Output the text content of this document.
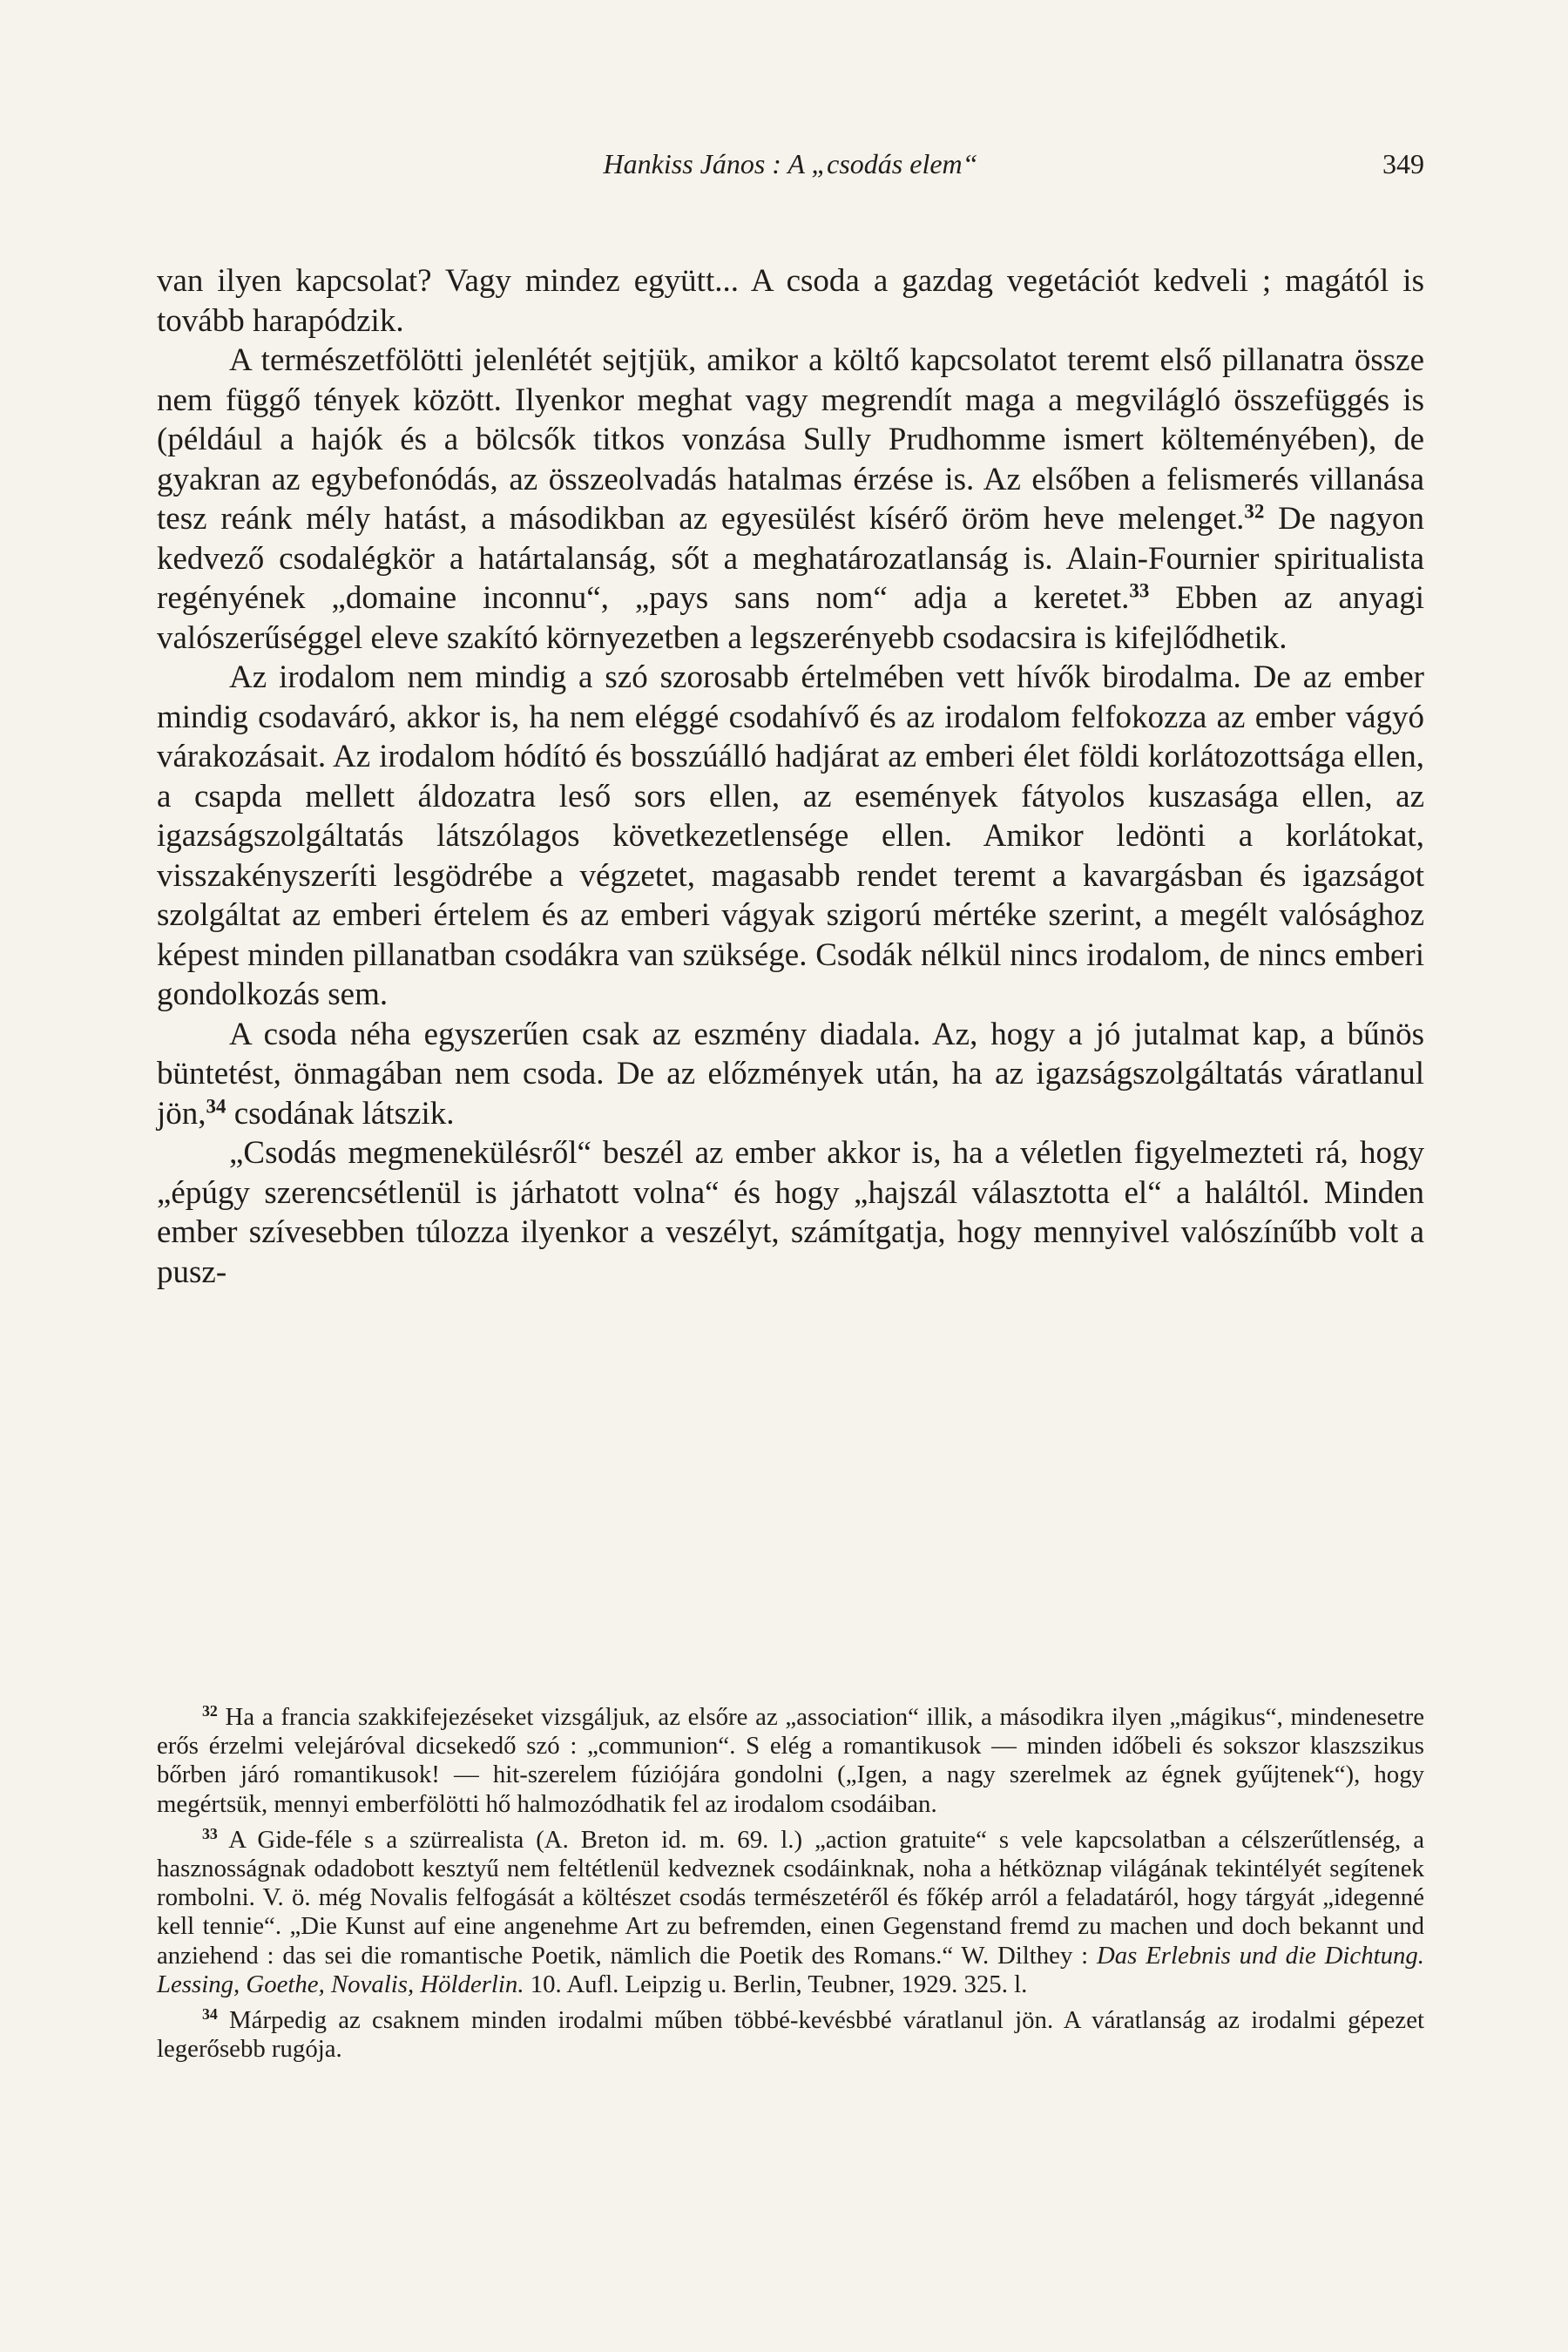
Hankiss János : A „csodás elem“	349

van ilyen kapcsolat? Vagy mindez együtt... A csoda a gazdag vegetációt kedveli ; magától is tovább harapódzik.

A természetfölötti jelenlétét sejtjük, amikor a költő kapcsolatot teremt első pillanatra össze nem függő tények között. Ilyenkor meghat vagy megrendít maga a megvilágló összefüggés is (például a hajók és a bölcsők titkos vonzása Sully Prudhomme ismert költeményében), de gyakran az egybefonódás, az összeolvadás hatalmas érzése is. Az elsőben a felismerés villanása tesz reánk mély hatást, a másodikban az egyesülést kísérő öröm heve melenget.$^{32}$ De nagyon kedvező csodalégkör a határtalanság, sőt a meghatározatlanság is. Alain-Fournier spiritualista regényének „domaine inconnu“, „pays sans nom“ adja a keretet.$^{33}$ Ebben az anyagi valószerűséggel eleve szakító környezetben a legszerényebb csodacsira is kifejlődhetik.

Az irodalom nem mindig a szó szorosabb értelmében vett hívők birodalma. De az ember mindig csodaváró, akkor is, ha nem eléggé csodahívő és az irodalom felfokozza az ember vágyó várakozásait. Az irodalom hódító és bosszúálló hadjárat az emberi élet földi korlátozottsága ellen, a csapda mellett áldozatra leső sors ellen, az események fátyolos kuszasága ellen, az igazságszolgáltatás látszólagos következetlensége ellen. Amikor ledönti a korlátokat, visszakényszeríti lesgödrébe a végzetet, magasabb rendet teremt a kavargásban és igazságot szolgáltat az emberi értelem és az emberi vágyak szigorú mértéke szerint, a megélt valósághoz képest minden pillanatban csodákra van szüksége. Csodák nélkül nincs irodalom, de nincs emberi gondolkozás sem.

A csoda néha egyszerűen csak az eszmény diadala. Az, hogy a jó jutalmat kap, a bűnös büntetést, önmagában nem csoda. De az előzmények után, ha az igazságszolgáltatás váratlanul jön,$^{34}$ csodának látszik.

„Csodás megmenekülésről“ beszél az ember akkor is, ha a véletlen figyelmezteti rá, hogy „épúgy szerencsétlenül is járhatott volna“ és hogy „hajszál választotta el“ a haláltól. Minden ember szívesebben túlozza ilyenkor a veszélyt, számítgatja, hogy mennyivel valószínűbb volt a pusz-

$^{32}$ Ha a francia szakkifejezéseket vizsgáljuk, az elsőre az „association“ illik, a másodikra ilyen „mágikus“, mindenesetre erős érzelmi velejáróval dicsekedő szó : „communion“. S elég a romantikusok — minden időbeli és sokszor klaszszikus bőrben járó romantikusok! — hit-szerelem fúziójára gondolni („Igen, a nagy szerelmek az égnek gyűjtenek“), hogy megértsük, mennyi emberfölötti hő halmozódhatik fel az irodalom csodáiban.

$^{33}$ A Gide-féle s a szürrealista (A. Breton id. m. 69. l.) „action gratuite“ s vele kapcsolatban a célszerűtlenség, a hasznosságnak odadobott kesztyű nem feltétlenül kedveznek csodáinknak, noha a hétköznap világának tekintélyét segítenek rombolni. V. ö. még Novalis felfogását a költészet csodás természetéről és főkép arról a feladatáról, hogy tárgyát „idegenné kell tennie“. „Die Kunst auf eine angenehme Art zu befremden, einen Gegenstand fremd zu machen und doch bekannt und anziehend : das sei die romantische Poetik, nämlich die Poetik des Romans.“ W. Dilthey : Das Erlebnis und die Dichtung. Lessing, Goethe, Novalis, Hölderlin. 10. Aufl. Leipzig u. Berlin, Teubner, 1929. 325. l.

$^{34}$ Márpedig az csaknem minden irodalmi műben többé-kevésbbé váratlanul jön. A váratlanság az irodalmi gépezet legerősebb rugója.
